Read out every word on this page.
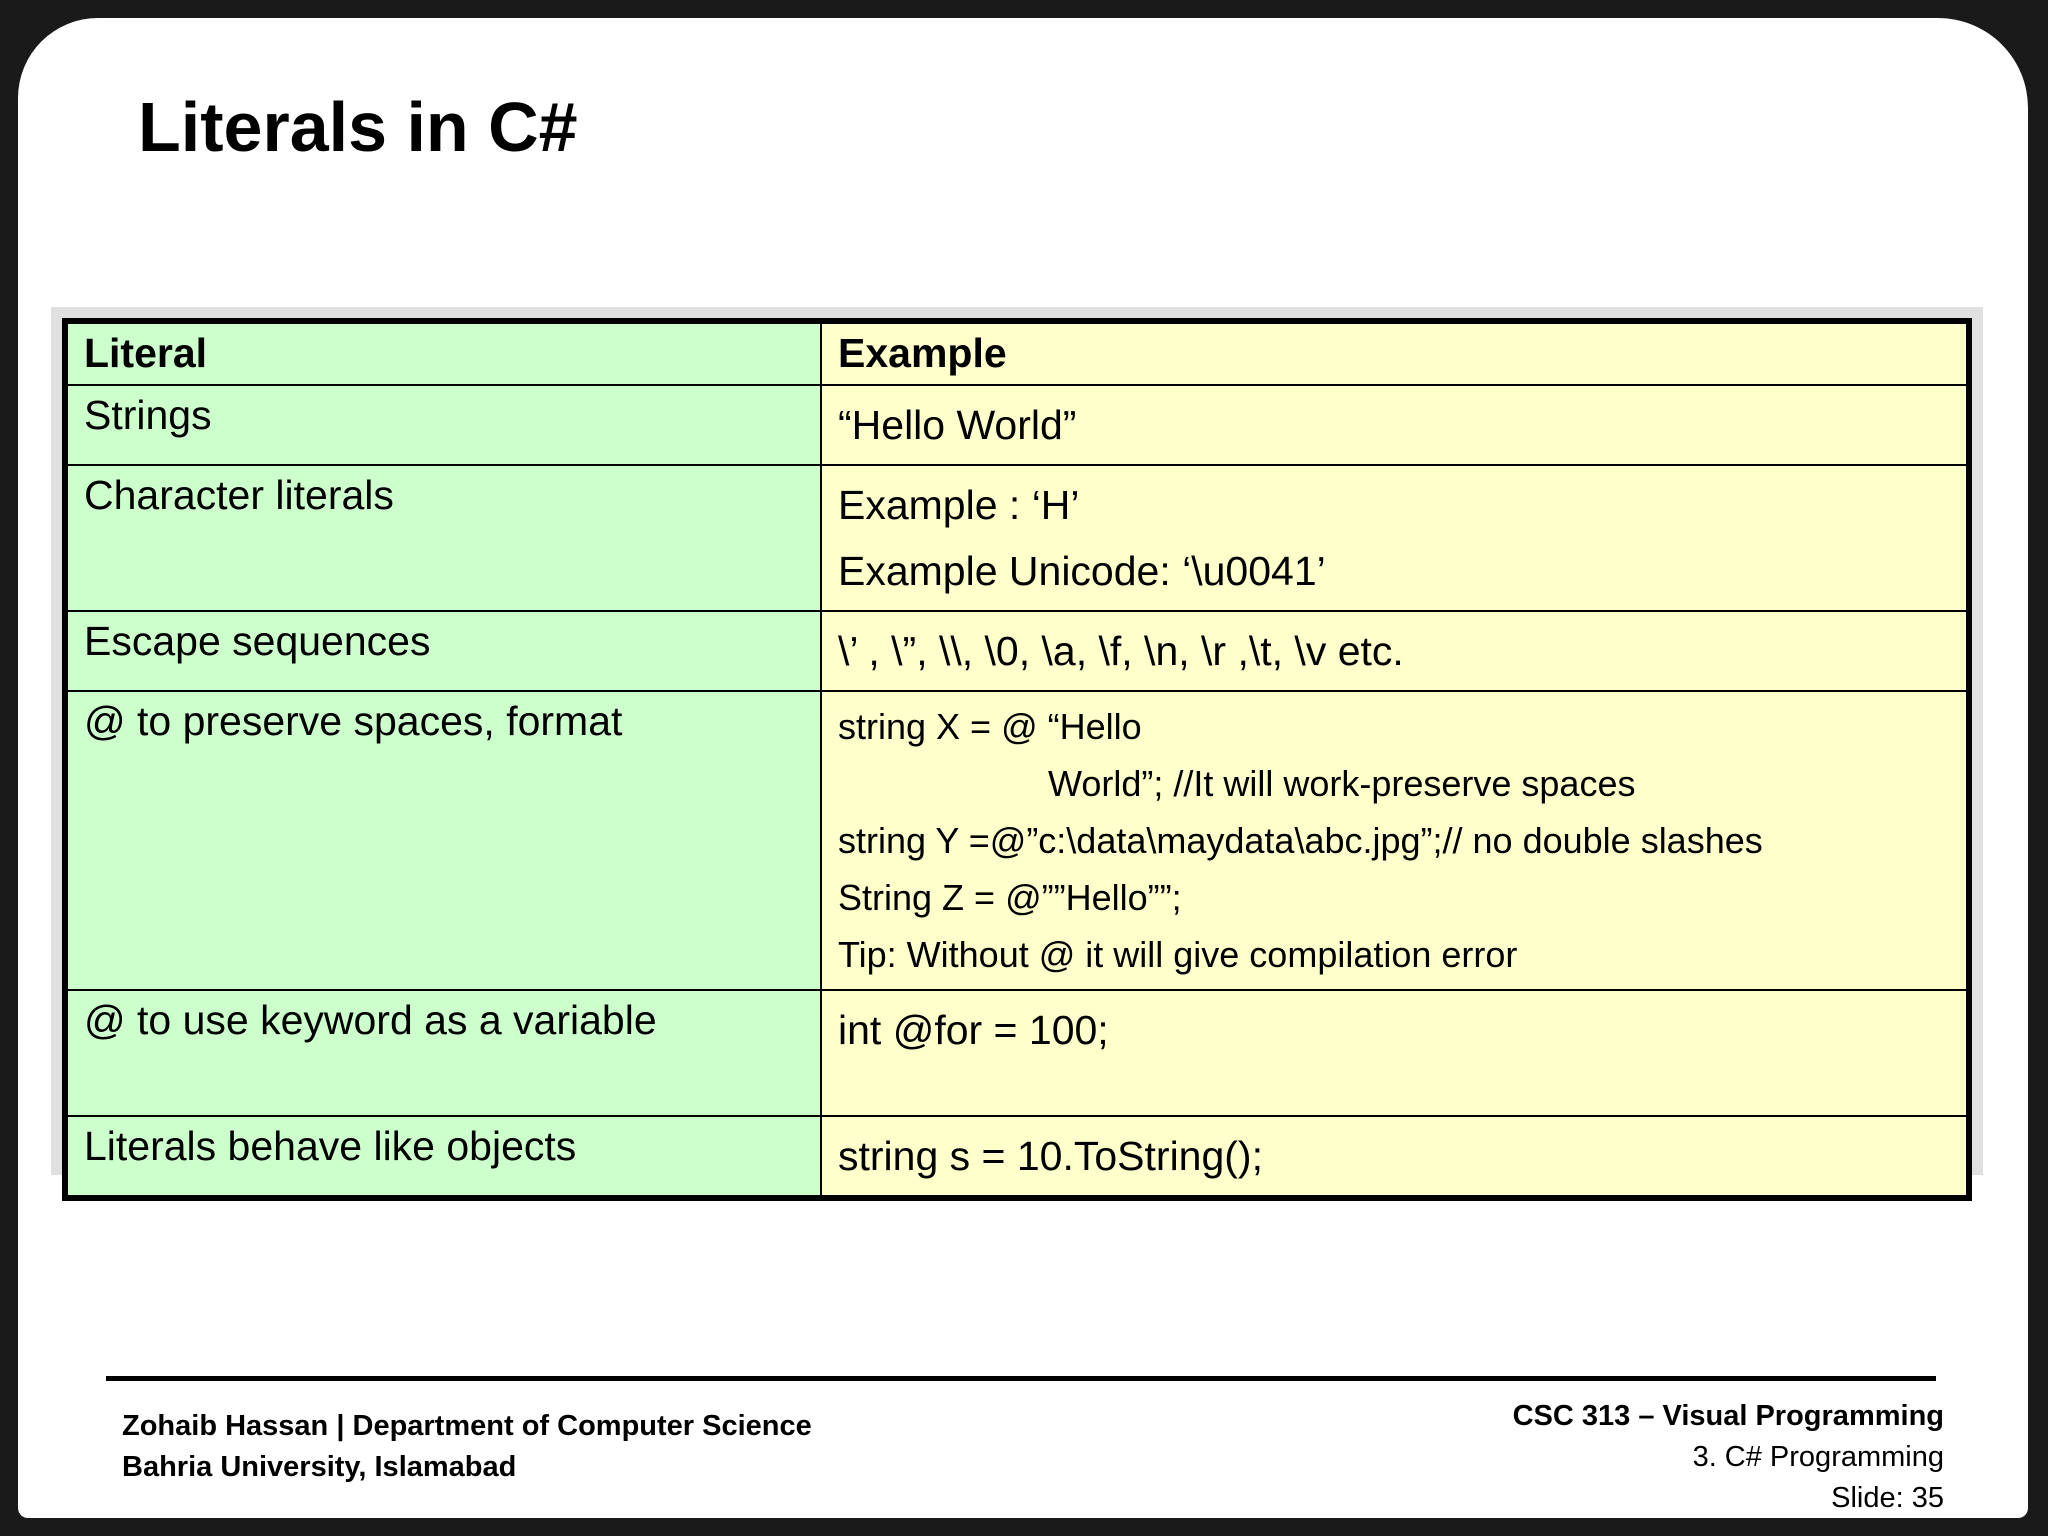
Literals in C#
Literal	Example
Strings	“Hello World”

Character literals	Example : ‘H’
Example Unicode: ‘\u0041’

Escape sequences	\’ , \”, \\, \0, \a, \f, \n, \r ,\t, \v etc.

@ to preserve spaces, format	string X = @ “Hello
World”; //It will work-preserve spaces
string Y =@”c:\data\maydata\abc.jpg”;// no double slashes
String Z = @””Hello””;
Tip: Without @ it will give compilation error

@ to use keyword as a variable	int @for = 100;

Literals behave like objects	string s = 10.ToString();
Zohaib Hassan | Department of Computer Science
Bahria University, Islamabad
CSC 313 – Visual Programming
3. C# Programming
Slide: 35
